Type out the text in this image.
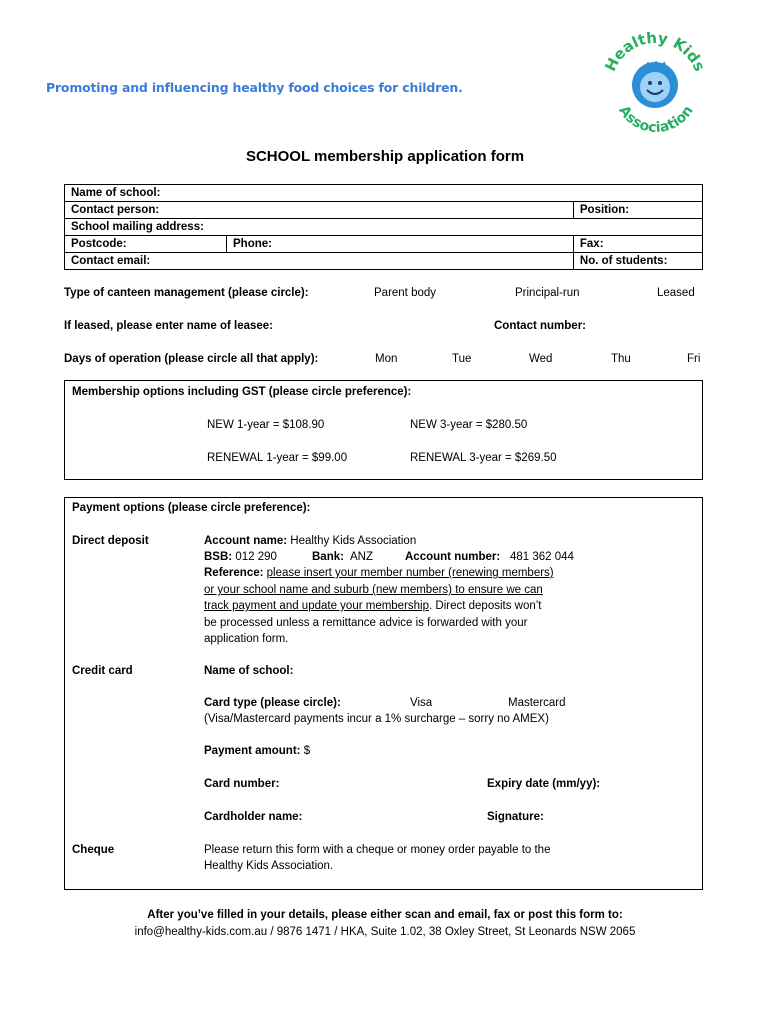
Promoting and influencing healthy food choices for children.
Healthy Kids
Association
SCHOOL membership application form
Name of school:		
Contact person:		Position:
School mailing address:		
Postcode:	Phone:	Fax:
Contact email:		No. of students:
Type of canteen management (please circle):	Parent body	Principal-run	Leased
If leased, please enter name of leasee:	Contact number:
Days of operation (please circle all that apply):	Mon	Tue	Wed	Thu	Fri
Membership options including GST (please circle preference):
NEW 1-year = $108.90	NEW 3-year = $280.50
RENEWAL 1-year = $99.00	RENEWAL 3-year = $269.50
Payment options (please circle preference):
Direct deposit	Account name: Healthy Kids Association
BSB: 012 290	Bank: ANZ	Account number: 481 362 044
Reference: please insert your member number (renewing members)
or your school name and suburb (new members) to ensure we can
track payment and update your membership. Direct deposits won’t
be processed unless a remittance advice is forwarded with your
application form.
Credit card	Name of school:
Card type (please circle):	Visa	Mastercard
(Visa/Mastercard payments incur a 1% surcharge – sorry no AMEX)
Payment amount: $
Card number:	Expiry date (mm/yy):
Cardholder name:	Signature:
Cheque	Please return this form with a cheque or money order payable to the
Healthy Kids Association.
After you’ve filled in your details, please either scan and email, fax or post this form to:
info@healthy-kids.com.au / 9876 1471 / HKA, Suite 1.02, 38 Oxley Street, St Leonards NSW 2065
